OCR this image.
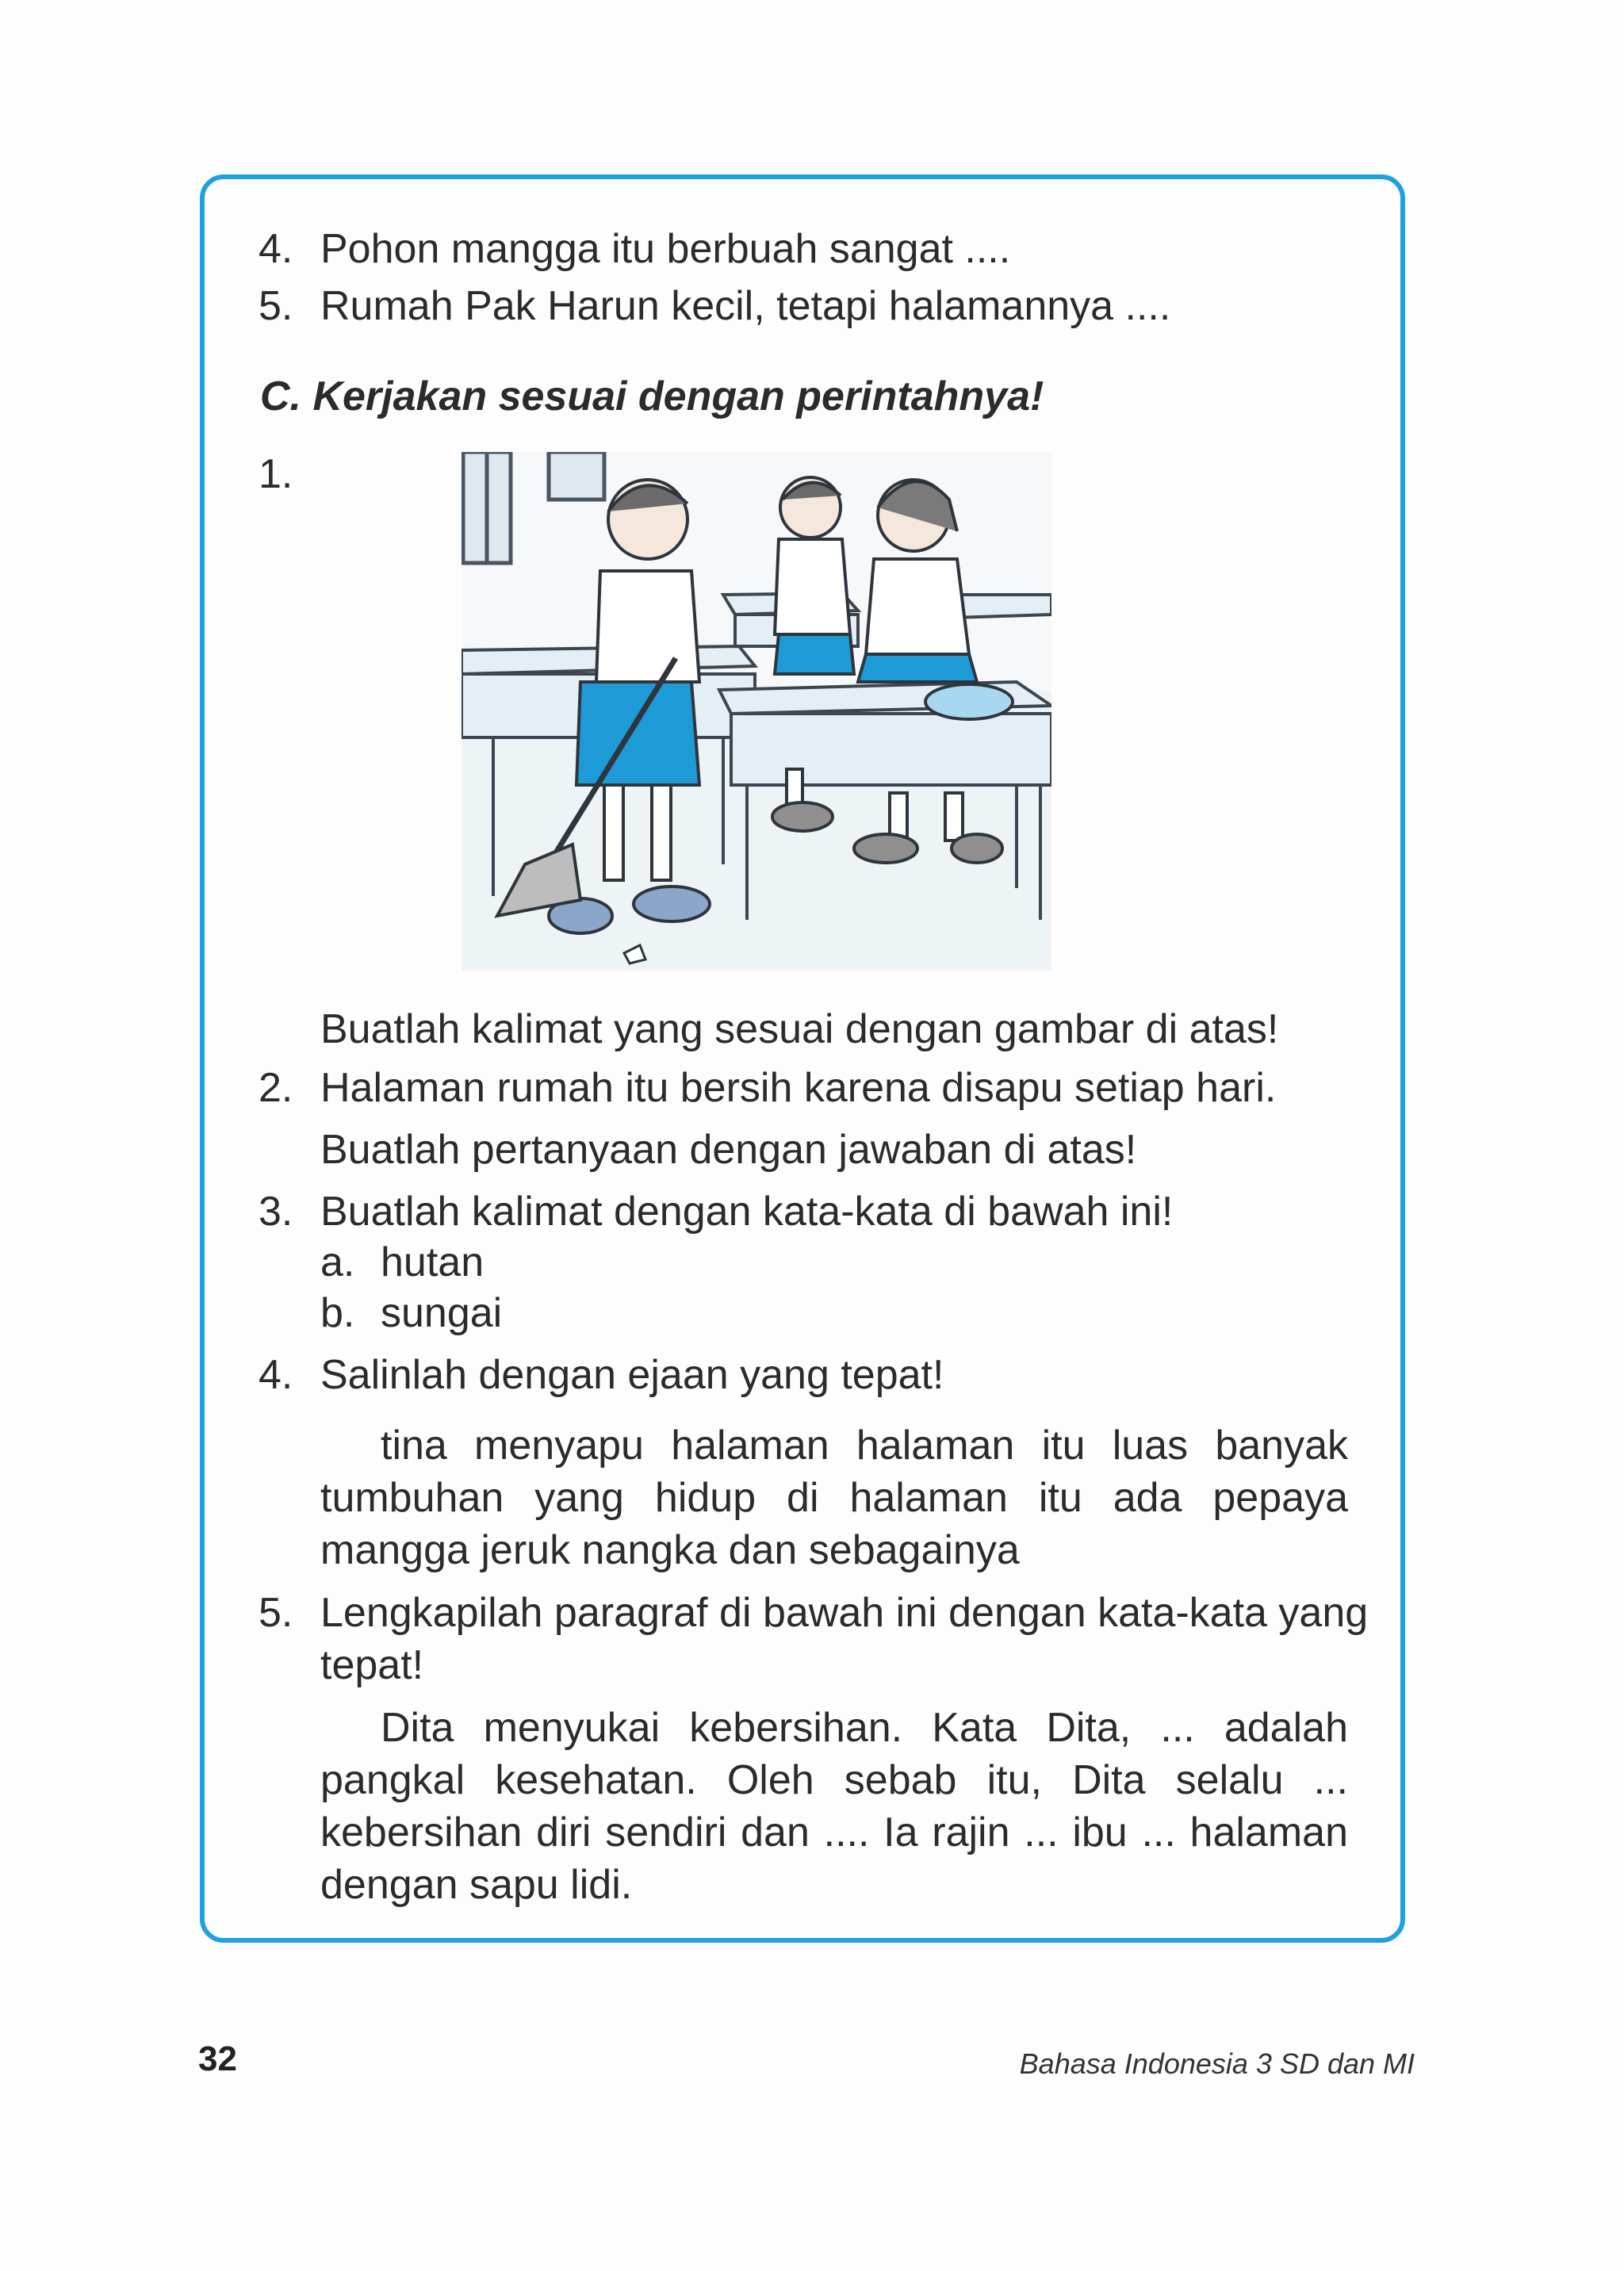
4. Pohon mangga itu berbuah sangat ....
5. Rumah Pak Harun kecil, tetapi halamannya ....
C. Kerjakan sesuai dengan perintahnya!
1.
Buatlah kalimat yang sesuai dengan gambar di atas!
2. Halaman rumah itu bersih karena disapu setiap hari.
Buatlah pertanyaan dengan jawaban di atas!
3. Buatlah kalimat dengan kata-kata di bawah ini!
a. hutan
b. sungai
4. Salinlah dengan ejaan yang tepat!
tina menyapu halaman halaman itu luas banyak tumbuhan yang hidup di halaman itu ada pepaya mangga jeruk nangka dan sebagainya
5. Lengkapilah paragraf di bawah ini dengan kata-kata yang
tepat!
Dita menyukai kebersihan. Kata Dita, ... adalah pangkal kesehatan. Oleh sebab itu, Dita selalu ... kebersihan diri sendiri dan .... Ia rajin ... ibu ... halaman dengan sapu lidi.
32	Bahasa Indonesia 3 SD dan MI
